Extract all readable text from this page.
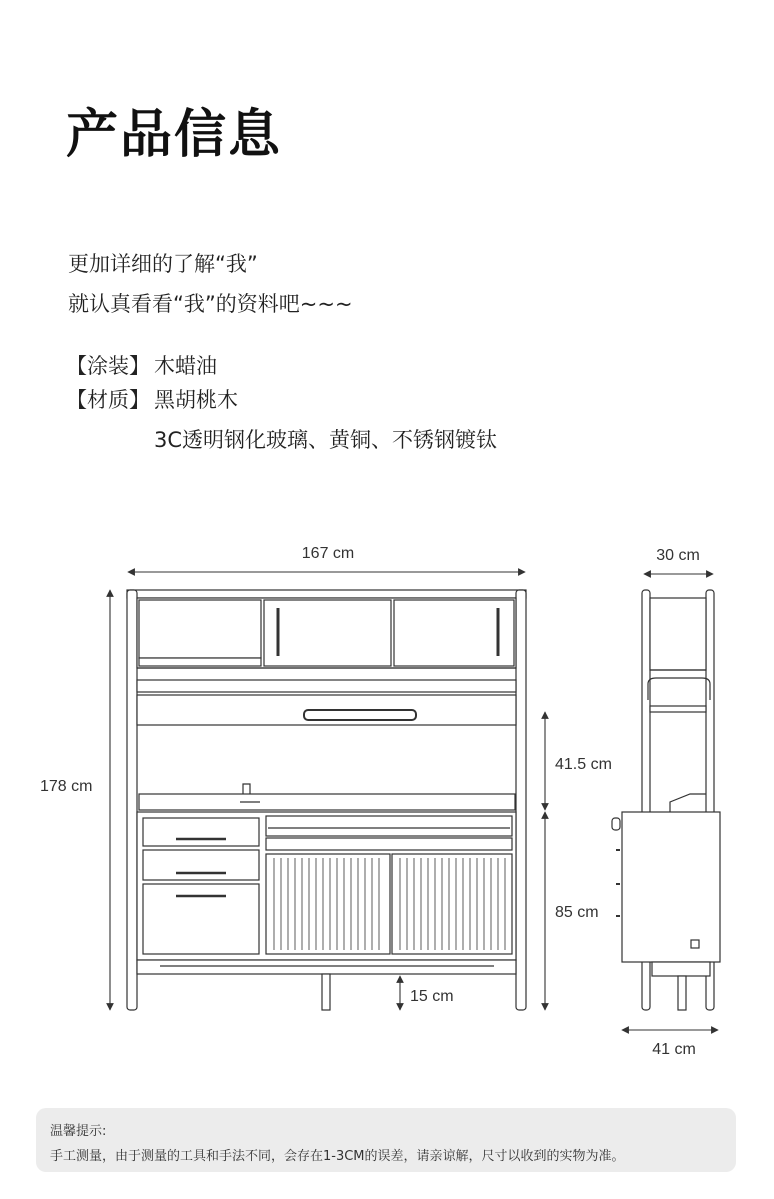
产品信息
更加详细的了解“我”
就认真看看“我”的资料吧~~~
【涂装】 木蜡油
【材质】 黑胡桃木
3C透明钢化玻璃、黄铜、不锈钢镀钛
167 cm
178 cm
41.5 cm
85 cm
15 cm
30 cm
41 cm
温馨提示:
手工测量，由于测量的工具和手法不同，会存在1-3CM的误差，请亲谅解，尺寸以收到的实物为准。
